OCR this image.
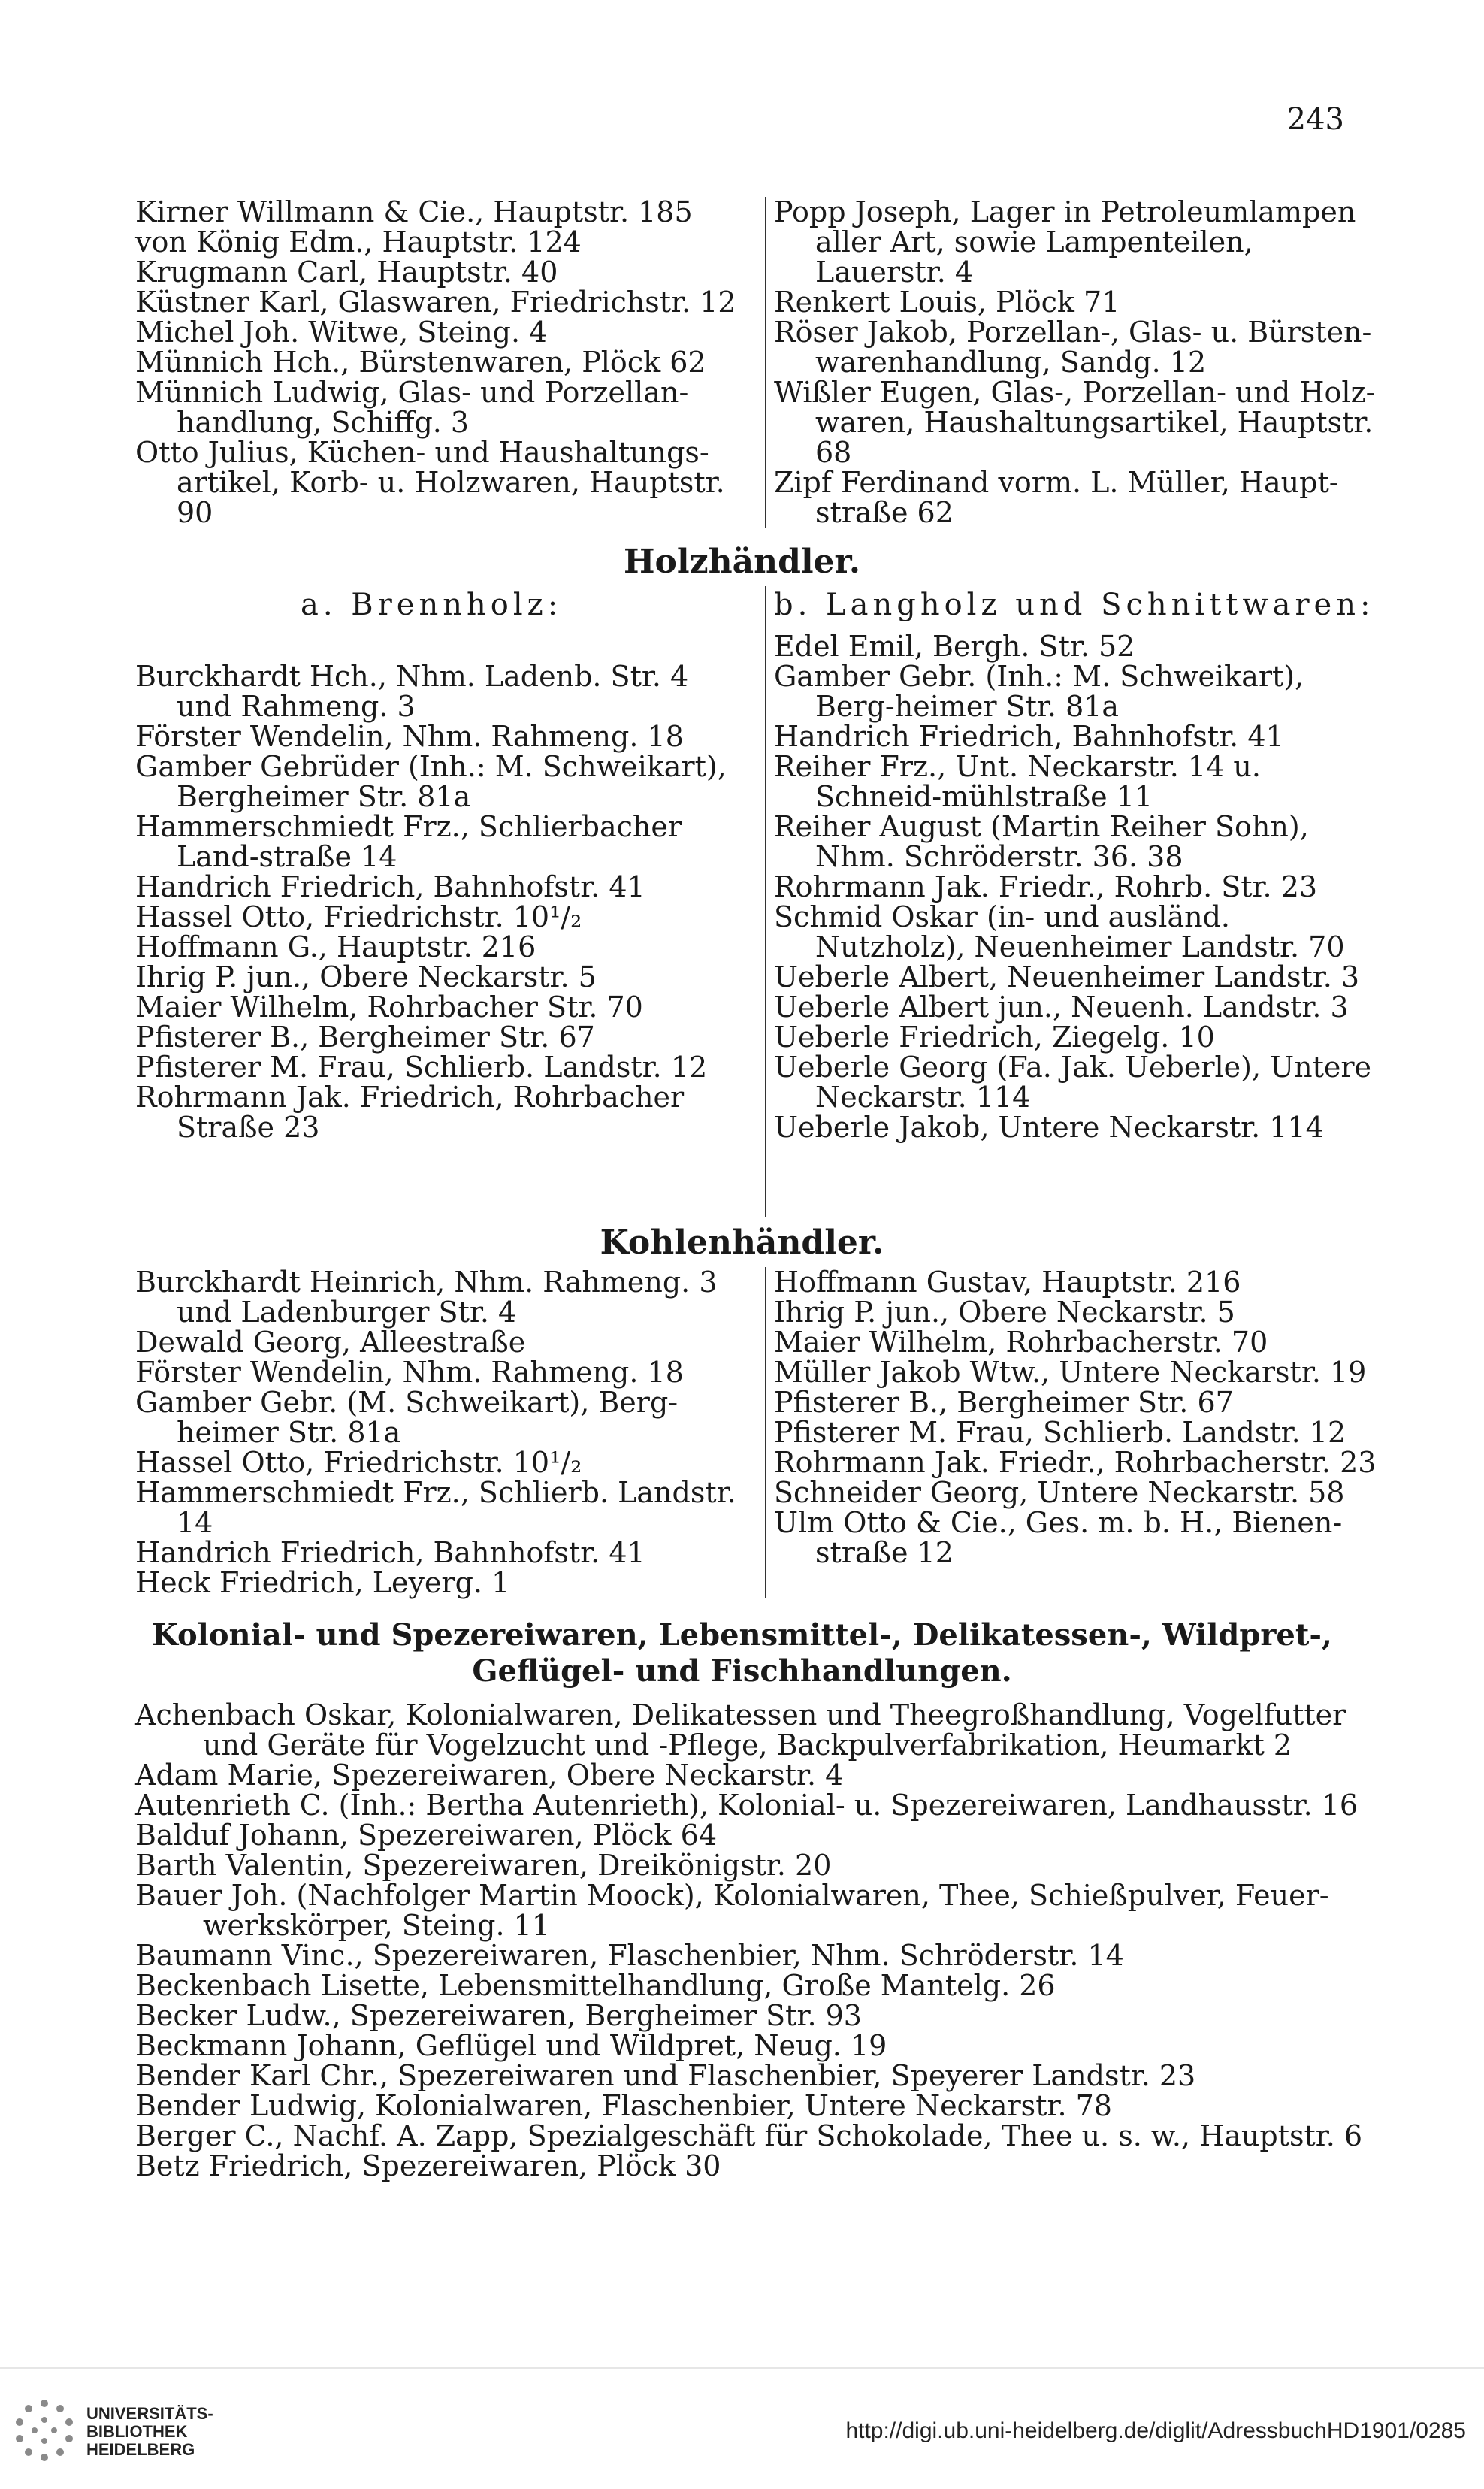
243
Kirner Willmann & Cie., Hauptstr. 185
von König Edm., Hauptstr. 124
Krugmann Carl, Hauptstr. 40
Küstner Karl, Glaswaren, Friedrichstr. 12
Michel Joh. Witwe, Steing. 4
Münnich Hch., Bürstenwaren, Plöck 62
Münnich Ludwig, Glas- und Porzellan-handlung, Schiffg. 3
Otto Julius, Küchen- und Haushaltungs-artikel, Korb- u. Holzwaren, Hauptstr. 90
Popp Joseph, Lager in Petroleumlampen aller Art, sowie Lampenteilen, Lauerstr. 4
Renkert Louis, Plöck 71
Röser Jakob, Porzellan-, Glas- u. Bürsten-warenhandlung, Sandg. 12
Wißler Eugen, Glas-, Porzellan- und Holz-waren, Haushaltungsartikel, Hauptstr. 68
Zipf Ferdinand vorm. L. Müller, Haupt-straße 62
Holzhändler.
a. Brennholz:	b. Langholz und Schnittwaren:
Burckhardt Hch., Nhm. Ladenb. Str. 4 und Rahmeng. 3
Förster Wendelin, Nhm. Rahmeng. 18
Gamber Gebrüder (Inh.: M. Schweikart), Bergheimer Str. 81a
Hammerschmiedt Frz., Schlierbacher Land-straße 14
Handrich Friedrich, Bahnhofstr. 41
Hassel Otto, Friedrichstr. 10¹/₂
Hoffmann G., Hauptstr. 216
Ihrig P. jun., Obere Neckarstr. 5
Maier Wilhelm, Rohrbacher Str. 70
Pfisterer B., Bergheimer Str. 67
Pfisterer M. Frau, Schlierb. Landstr. 12
Rohrmann Jak. Friedrich, Rohrbacher Straße 23
Edel Emil, Bergh. Str. 52
Gamber Gebr. (Inh.: M. Schweikart), Berg-heimer Str. 81a
Handrich Friedrich, Bahnhofstr. 41
Reiher Frz., Unt. Neckarstr. 14 u. Schneid-mühlstraße 11
Reiher August (Martin Reiher Sohn), Nhm. Schröderstr. 36. 38
Rohrmann Jak. Friedr., Rohrb. Str. 23
Schmid Oskar (in- und ausländ. Nutzholz), Neuenheimer Landstr. 70
Ueberle Albert, Neuenheimer Landstr. 3
Ueberle Albert jun., Neuenh. Landstr. 3
Ueberle Friedrich, Ziegelg. 10
Ueberle Georg (Fa. Jak. Ueberle), Untere Neckarstr. 114
Ueberle Jakob, Untere Neckarstr. 114
Kohlenhändler.
Burckhardt Heinrich, Nhm. Rahmeng. 3 und Ladenburger Str. 4
Dewald Georg, Alleestraße
Förster Wendelin, Nhm. Rahmeng. 18
Gamber Gebr. (M. Schweikart), Berg-heimer Str. 81a
Hassel Otto, Friedrichstr. 10¹/₂
Hammerschmiedt Frz., Schlierb. Landstr. 14
Handrich Friedrich, Bahnhofstr. 41
Heck Friedrich, Leyerg. 1
Hoffmann Gustav, Hauptstr. 216
Ihrig P. jun., Obere Neckarstr. 5
Maier Wilhelm, Rohrbacherstr. 70
Müller Jakob Wtw., Untere Neckarstr. 19
Pfisterer B., Bergheimer Str. 67
Pfisterer M. Frau, Schlierb. Landstr. 12
Rohrmann Jak. Friedr., Rohrbacherstr. 23
Schneider Georg, Untere Neckarstr. 58
Ulm Otto & Cie., Ges. m. b. H., Bienen-straße 12
Kolonial- und Spezereiwaren, Lebensmittel-, Delikatessen-, Wildpret-,
Geflügel- und Fischhandlungen.
Achenbach Oskar, Kolonialwaren, Delikatessen und Theegroßhandlung, Vogelfutter und Geräte für Vogelzucht und -Pflege, Backpulverfabrikation, Heumarkt 2
Adam Marie, Spezereiwaren, Obere Neckarstr. 4
Autenrieth C. (Inh.: Bertha Autenrieth), Kolonial- u. Spezereiwaren, Landhausstr. 16
Balduf Johann, Spezereiwaren, Plöck 64
Barth Valentin, Spezereiwaren, Dreikönigstr. 20
Bauer Joh. (Nachfolger Martin Moock), Kolonialwaren, Thee, Schießpulver, Feuer-werkskörper, Steing. 11
Baumann Vinc., Spezereiwaren, Flaschenbier, Nhm. Schröderstr. 14
Beckenbach Lisette, Lebensmittelhandlung, Große Mantelg. 26
Becker Ludw., Spezereiwaren, Bergheimer Str. 93
Beckmann Johann, Geflügel und Wildpret, Neug. 19
Bender Karl Chr., Spezereiwaren und Flaschenbier, Speyerer Landstr. 23
Bender Ludwig, Kolonialwaren, Flaschenbier, Untere Neckarstr. 78
Berger C., Nachf. A. Zapp, Spezialgeschäft für Schokolade, Thee u. s. w., Hauptstr. 6
Betz Friedrich, Spezereiwaren, Plöck 30
UNIVERSITÄTS-
BIBLIOTHEK
HEIDELBERG
http://digi.ub.uni-heidelberg.de/diglit/AdressbuchHD1901/0285
